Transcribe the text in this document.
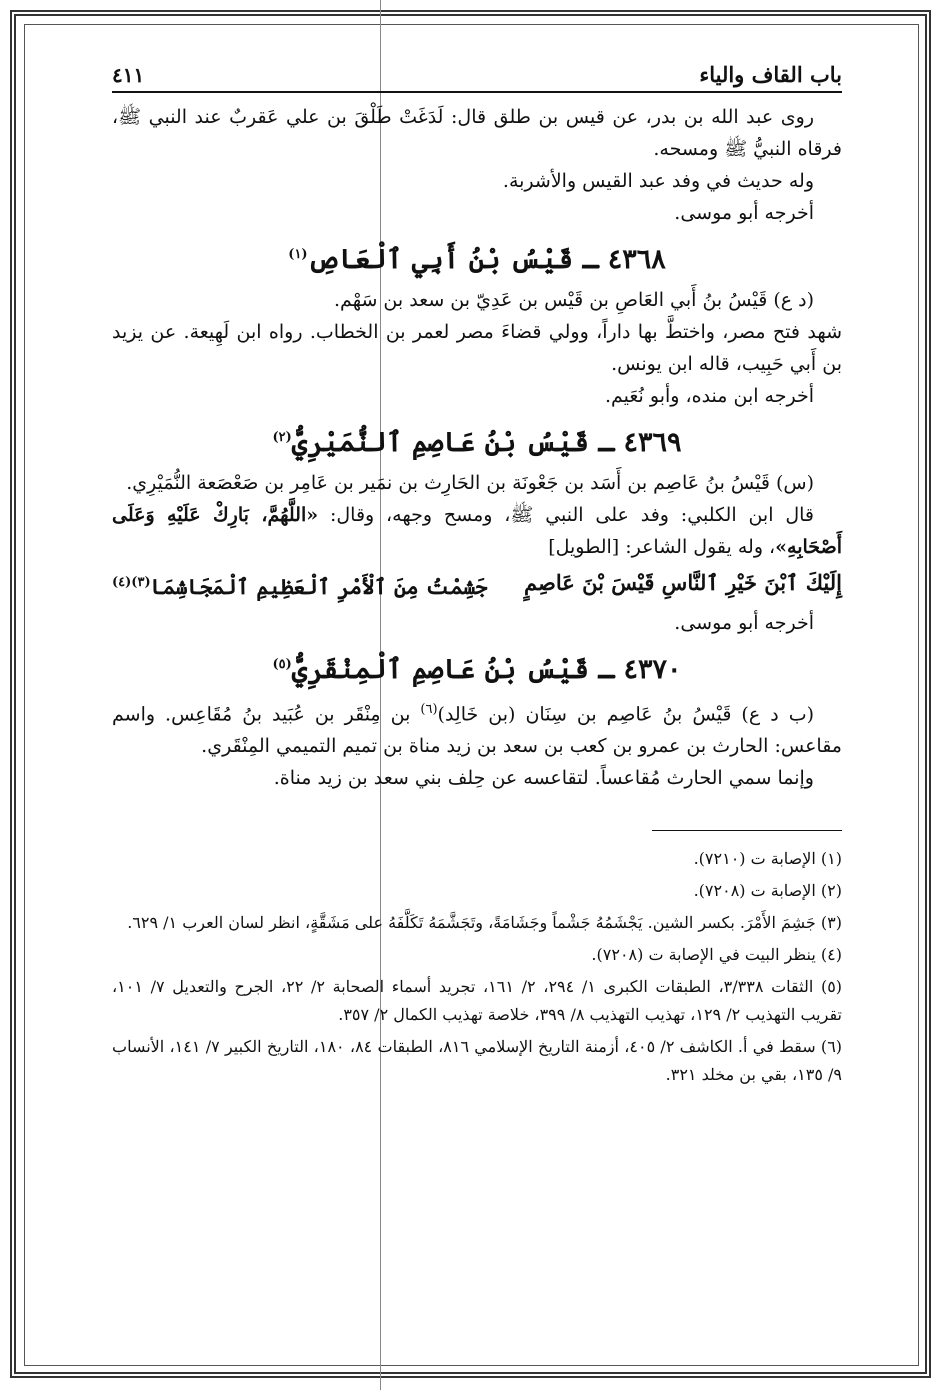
باب القاف والياء
٤١١

روى عبد الله بن بدر، عن قيس بن طلق قال: لَدَغَتْ طَلْقَ بن علي عَقربٌ عند النبي ﷺ، فرقاه النبيُّ ﷺ ومسحه.

وله حديث في وفد عبد القيس والأشربة.

أخرجه أبو موسى.

٤٣٦٨ ـ قَيْسُ بْنُ أَبِي ٱلْعَاصِ$^{(١)}$

(د ع) قَيْسُ بنُ أَبي العَاصِ بن قَيْس بن عَدِيّ بن سعد بن سَهْم.

شهد فتح مصر، واختطَّ بها داراً، وولي قضاءَ مصر لعمر بن الخطاب. رواه ابن لَهِيعة. عن يزيد بن أَبي حَبِيب، قاله ابن يونس.

أخرجه ابن منده، وأبو نُعَيم.

٤٣٦٩ ـ قَيْسُ بْنُ عَاصِمِ ٱلنُّمَيْرِيُّ$^{(٢)}$

(س) قَيْسُ بنُ عَاصِم بن أَسَد بن جَعْونَة بن الحَارِث بن نمَير بن عَامِر بن صَعْصَعة النُّمَيْرِي.

قال ابن الكلبي: وفد على النبي ﷺ، ومسح وجهه، وقال: «اللَّهُمَّ، بَارِكْ عَلَيْهِ وَعَلَى أَصْحَابِهِ»، وله يقول الشاعر: [الطويل]

إِلَيْكَ ٱبْنَ خَيْرِ ٱلنَّاسِ قَيْسَ بْنَ عَاصِمٍ
جَشِمْتُ مِنَ ٱلْأَمْرِ ٱلْعَظِيمِ ٱلْمَجَاشِمَا$^{(٣)(٤)}$

أخرجه أبو موسى.

٤٣٧٠ ـ قَيْسُ بْنُ عَاصِمِ ٱلْمِنْقَرِيُّ$^{(٥)}$

(ب د ع) قَيْسُ بنُ عَاصِم بن سِنَان (بن خَالِد)$^{(٦)}$ بن مِنْقَر بن عُبَيد بنُ مُقَاعِس. واسم مقاعس: الحارث بن عمرو بن كعب بن سعد بن زيد مناة بن تميم التميمي المِنْقَري.

وإنما سمي الحارث مُقاعساً. لتقاعسه عن حِلف بني سعد بن زيد مناة.

(١) الإصابة ت (٧٢١٠).

(٢) الإصابة ت (٧٢٠٨).

(٣) جَشِمَ الأَمْرَ. بكسر الشين. يَجْشَمُهُ جَشْماً وجَشَامَةً، وتَجَشَّمَهُ تَكَلَّفَهُ على مَشَقَّةٍ، انظر لسان العرب ١/ ٦٢٩.

(٤) ينظر البيت في الإصابة ت (٧٢٠٨).

(٥) الثقات ٣/٣٣٨، الطبقات الكبرى ١/ ٢٩٤، ٢/ ١٦١، تجريد أسماء الصحابة ٢/ ٢٢، الجرح والتعديل ٧/ ١٠١، تقريب التهذيب ٢/ ١٢٩، تهذيب التهذيب ٨/ ٣٩٩، خلاصة تهذيب الكمال ٢/ ٣٥٧.

(٦) سقط في أ. الكاشف ٢/ ٤٠٥، أزمنة التاريخ الإسلامي ٨١٦، الطبقات ٨٤، ١٨٠، التاريخ الكبير ٧/ ١٤١، الأنساب ٩/ ١٣٥، بقي بن مخلد ٣٢١.
